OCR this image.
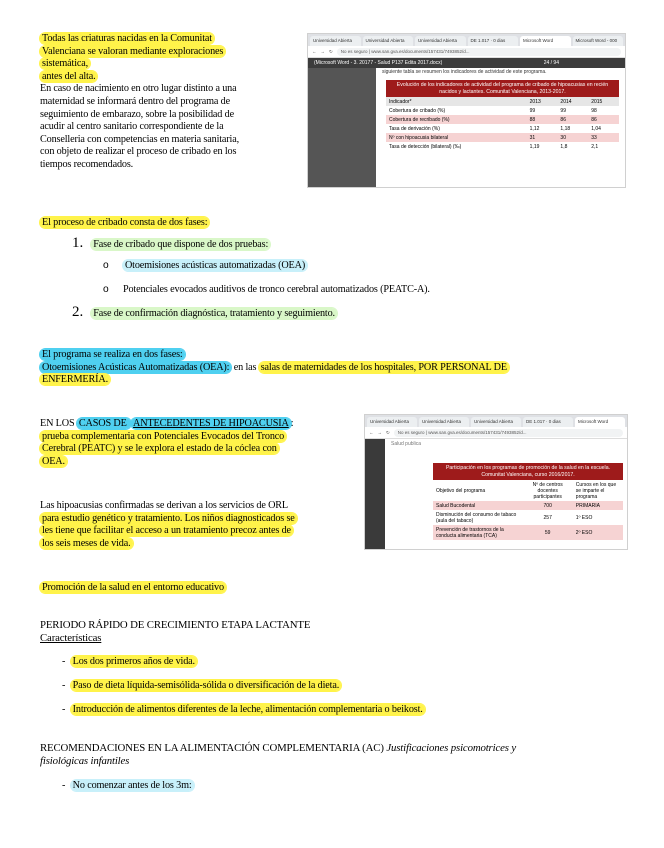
Todas las criaturas nacidas en la Comunitat
Valenciana se valoran mediante exploraciones
sistemática,
antes del alta.
En caso de nacimiento en otro lugar distinto a una
maternidad se informará dentro del programa de
seguimiento de embarazo, sobre la posibilidad de
acudir al centro sanitario correspondiente de la
Conselleria con competencias en materia sanitaria,
con objeto de realizar el proceso de cribado en los
tiempos recomendados.
Universidad Abierta	Universidad Abierta	Universidad Abierta	DE 1.017 · 0 dias	Microsoft Word	Microsoft Word - 000
← → ↻	No es seguro | www.san.gva.es/documents/157431/7493852/d...
(Microsoft Word - 3. 20177 - Salud P137 Edita 2017.docx)	24 / 94
siguiente tabla se resumen los indicadores de actividad de este programa.
Evolución de los indicadores de actividad del programa de cribado de hipoacusias en recién nacidos y lactantes. Comunitat Valenciana, 2013-2017.
Indicador*	2013	2014	2015
Cobertura de cribado (%)	99	99	98
Cobertura de recribado (%)	88	86	86
Tasa de derivación (%)	1,12	1,18	1,04
Nº con hipoacusia bilateral	31	30	33
Tasa de detección (bilateral) (‰)	1,19	1,8	2,1
El proceso de cribado consta de dos fases:
1. Fase de cribado que dispone de dos pruebas:
o Otoemisiones acústicas automatizadas (OEA)
o Potenciales evocados auditivos de tronco cerebral automatizados (PEATC-A).
2. Fase de confirmación diagnóstica, tratamiento y seguimiento.
El programa se realiza en dos fases:
Otoemisiones Acústicas Automatizadas (OEA): en las salas de maternidades de los hospitales, POR PERSONAL DE
ENFERMERÍA.
EN LOS CASOS DE ANTECEDENTES DE HIPOACUSIA :
prueba complementaria con Potenciales Evocados del Tronco
Cerebral (PEATC) y se le explora el estado de la cóclea con
OEA.
Las hipoacusias confirmadas se derivan a los servicios de ORL
para estudio genético y tratamiento. Los niños diagnosticados se
les tiene que facilitar el acceso a un tratamiento precoz antes de
los seis meses de vida.
Universidad Abierta	Universidad Abierta	Universidad Abierta	DE 1.017 · 0 dias	Microsoft Word
← → ↻	No es seguro | www.san.gva.es/documents/157431/7493852/d...
Salud publica
Participación en los programas de promoción de la salud en la escuela. Comunitat Valenciana, curso 2016/2017.
Objetivo del programa	Nº de centros docentes participantes	Cursos en los que se imparte el programa
Salud Bucodental	700	PRIMARIA
Disminución del consumo de tabaco (aula del tabaco)	257	1º ESO
Prevención de trastornos de la conducta alimentaria (TCA)	59	2º ESO
Promoción de la salud en el entorno educativo
PERIODO RÁPIDO DE CRECIMIENTO ETAPA LACTANTE
Características
- Los dos primeros años de vida.
- Paso de dieta líquida-semisólida-sólida o diversificación de la dieta.
- Introducción de alimentos diferentes de la leche, alimentación complementaria o beikost.
RECOMENDACIONES EN LA ALIMENTACIÓN COMPLEMENTARIA (AC) Justificaciones psicomotrices y
fisiológicas infantiles
- No comenzar antes de los 3m:
